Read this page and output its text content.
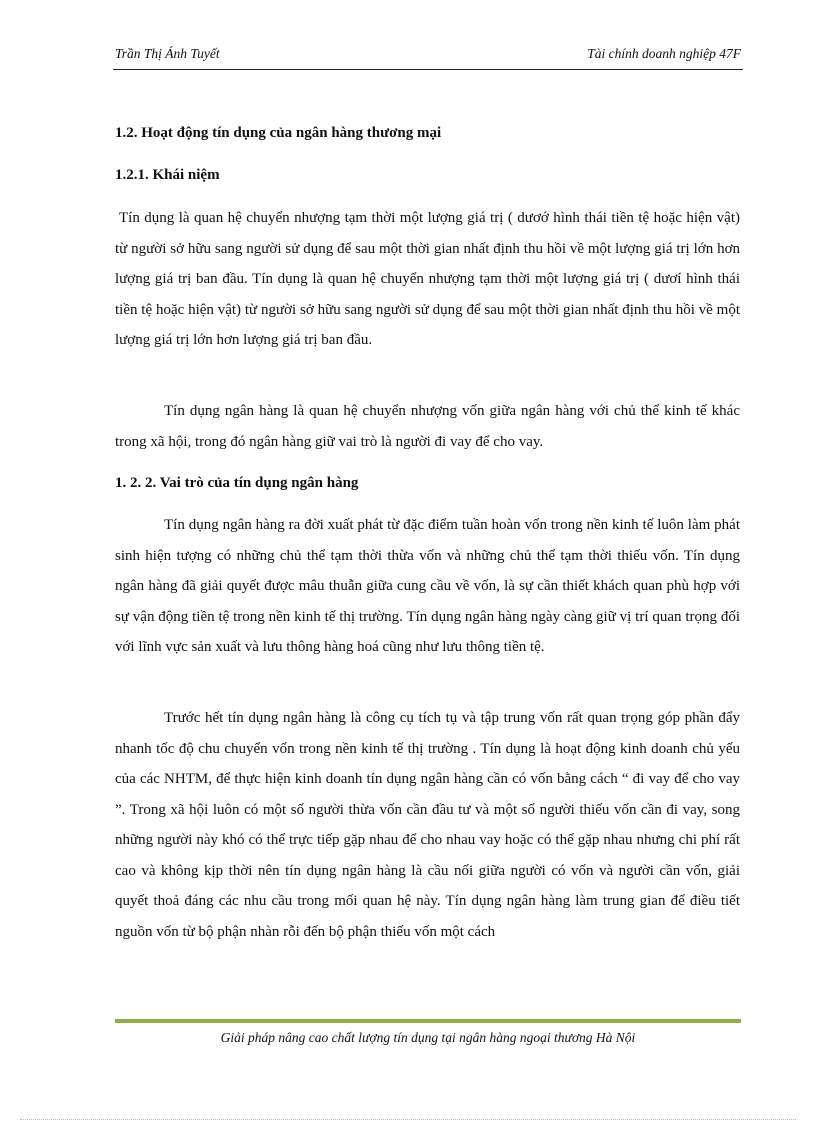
Trần Thị Ánh Tuyết	Tài chính doanh nghiệp 47F
1.2. Hoạt động tín dụng của ngân hàng thương mại
1.2.1. Khái niệm
Tín dụng là quan hệ chuyển nhượng tạm thời một lượng giá trị ( dươớ hình thái tiền tệ hoặc hiện vật) từ người sở hữu sang người sử dụng để sau một thời gian nhất định thu hồi về một lượng giá trị lớn hơn lượng giá trị ban đầu. Tín dụng là quan hệ chuyển nhượng tạm thời một lượng giá trị ( dươí hình thái tiền tệ hoặc hiện vật) từ người sở hữu sang người sử dụng để sau một thời gian nhất định thu hồi về một lượng giá trị lớn hơn lượng giá trị ban đầu.
Tín dụng ngân hàng là quan hệ chuyển nhượng vốn giữa ngân hàng với chủ thể kinh tế khác trong xã hội, trong đó ngân hàng giữ vai trò là người đi vay để cho vay.
1. 2. 2. Vai trò của tín dụng ngân hàng
Tín dụng ngân hàng ra đời xuất phát từ đặc điểm tuần hoàn vốn trong nền kinh tế luôn làm phát sinh hiện tượng có những chủ thể tạm thời thừa vốn và những chủ thể tạm thời thiếu vốn. Tín dụng ngân hàng đã giải quyết được mâu thuẫn giữa cung cầu về vốn, là sự cần thiết khách quan phù hợp với sự vận động tiền tệ trong nền kinh tế thị trường. Tín dụng ngân hàng ngày càng giữ vị trí quan trọng đối với lĩnh vực sản xuất và lưu thông hàng hoá cũng như lưu thông tiền tệ.
Trước hết tín dụng ngân hàng là công cụ tích tụ và tập trung vốn rất quan trọng góp phần đẩy nhanh tốc độ chu chuyển vốn trong nền kinh tế thị trường . Tín dụng là hoạt động kinh doanh chủ yếu của các NHTM, để thực hiện kinh doanh tín dụng ngân hàng cần có vốn bằng cách “ đi vay để cho vay ”. Trong xã hội luôn có một số người thừa vốn cần đầu tư và một số người thiếu vốn cần đi vay, song những người này khó có thể trực tiếp gặp nhau để cho nhau vay hoặc có thể gặp nhau nhưng chi phí rất cao và không kịp thời nên tín dụng ngân hàng là cầu nối giữa người có vốn và người cần vốn, giải quyết thoả đáng các nhu cầu trong mối quan hệ này. Tín dụng ngân hàng làm trung gian để điều tiết nguồn vốn từ bộ phận nhàn rỗi đến bộ phận thiếu vốn một cách
Giải pháp nâng cao chất lượng tín dụng tại ngân hàng ngoại thương Hà Nội
